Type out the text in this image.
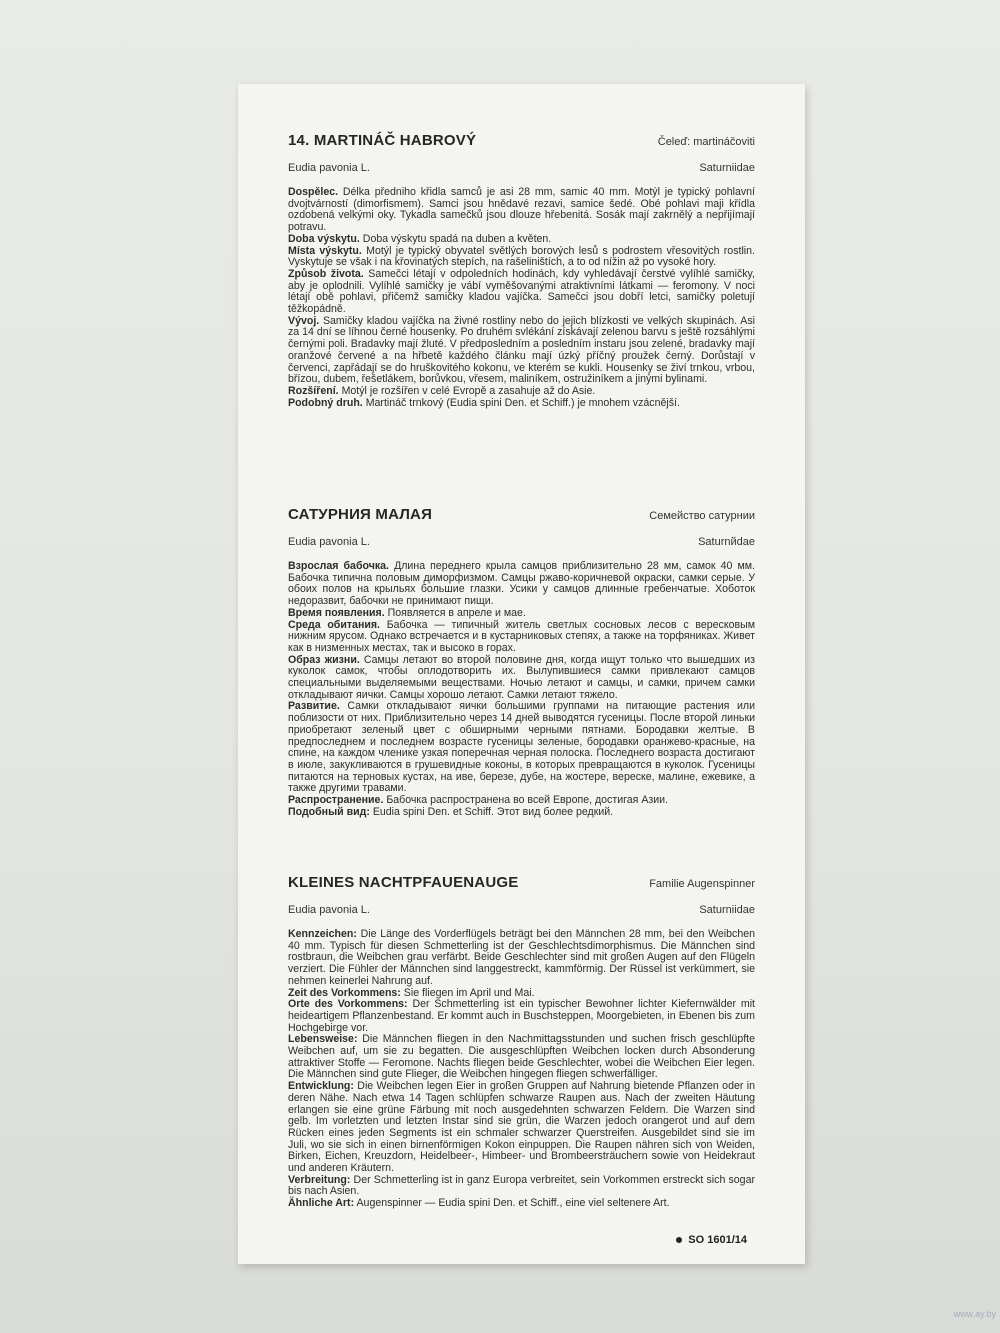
14. MARTINÁČ HABROVÝ	Čeleď: martináčoviti
Eudia pavonia L.	Saturniidae

Dospělec. Délka předniho křidla samců je asi 28 mm, samic 40 mm. Motýl je typický pohlavní dvojtvárností (dimorfismem). Samci jsou hnědavé rezavi, samice šedé. Obé pohlavi maji křídla ozdobená velkými oky. Tykadla samečků jsou dlouze hřebenitá. Sosák mají zakrnělý a nepřijímají potravu.

Doba výskytu. Doba výskytu spadá na duben a květen.

Místa výskytu. Motýl je typický obyvatel světlých borových lesů s podrostem vřesovitých rostlin. Vyskytuje se však i na křovinatých stepích, na rašeliništích, a to od nížin až po vysoké hory.

Způsob života. Samečci létají v odpoledních hodinách, kdy vyhledávají čerstvé vylíhlé samičky, aby je oplodnili. Vylíhlé samičky je vábí vyměšovanými atraktivními látkami — feromony. V noci létají obě pohlavi, přičemž samičky kladou vajíčka. Samečci jsou dobří letci, samičky poletují těžkopádně.

Vývoj. Samičky kladou vajíčka na živné rostliny nebo do jejich blízkosti ve velkých skupinách. Asi za 14 dní se líhnou černé housenky. Po druhém svlékání získávají zelenou barvu s ještě rozsáhlými černými poli. Bradavky mají žluté. V předposledním a posledním instaru jsou zelené, bradavky mají oranžové červené a na hřbetě každého článku mají úzký příčný proužek černý. Dorůstají v červenci, zapřádají se do hruškovitého kokonu, ve kterém se kukli. Housenky se živí trnkou, vrbou, břízou, dubem, řešetlákem, borůvkou, vřesem, maliníkem, ostružiníkem a jinými bylinami.

Rozšíření. Motýl je rozšířen v celé Evropě a zasahuje až do Asie.

Podobný druh. Martináč trnkový (Eudia spini Den. et Schiff.) je mnohem vzácnější.

САТУРНИЯ МАЛАЯ	Семейство сатурнии
Eudia pavonia L.	Saturnйdae

Взрослая бабочка. Длина переднего крыла самцов приблизительно 28 мм, самок 40 мм. Бабочка типична половым диморфизмом. Самцы ржаво-коричневой окраски, самки серые. У обоих полов на крыльях большие глазки. Усики у самцов длинные гребенчатые. Хоботок недоразвит, бабочки не принимают пищи.

Время появления. Появляется в апреле и мае.

Среда обитания. Бабочка — типичный житель светлых сосновых лесов с вересковым нижним ярусом. Однако встречается и в кустарниковых степях, а также на торфяниках. Живет как в низменных местах, так и высоко в горах.

Образ жизни. Самцы летают во второй половине дня, когда ищут только что вышедших из куколок самок, чтобы оплодотворить их. Вылупившиеся самки привлекают самцов специальными выделяемыми веществами. Ночью летают и самцы, и самки, причем самки откладывают яички. Самцы хорошо летают. Самки летают тяжело.

Развитие. Самки откладывают яички большими группами на питающие растения или поблизости от них. Приблизительно через 14 дней выводятся гусеницы. После второй линьки приобретают зеленый цвет с обширными черными пятнами. Бородавки желтые. В предпоследнем и последнем возрасте гусеницы зеленые, бородавки оранжево-красные, на спине, на каждом членике узкая поперечная черная полоска. Последнего возраста достигают в июле, закукливаются в грушевидные коконы, в которых превращаются в куколок. Гусеницы питаются на терновых кустах, на иве, березе, дубе, на жостере, вереске, малине, ежевике, а также другими травами.

Распространение. Бабочка распространена во всей Европе, достигая Азии.

Подобный вид: Eudia spini Den. et Schiff. Этот вид более редкий.

KLEINES NACHTPFAUENAUGE	Familie Augenspinner
Eudia pavonia L.	Saturniidae

Kennzeichen: Die Länge des Vorderflügels beträgt bei den Männchen 28 mm, bei den Weibchen 40 mm. Typisch für diesen Schmetterling ist der Geschlechtsdimorphismus. Die Männchen sind rostbraun, die Weibchen grau verfärbt. Beide Geschlechter sind mit großen Augen auf den Flügeln verziert. Die Fühler der Männchen sind langgestreckt, kammförmig. Der Rüssel ist verkümmert, sie nehmen keinerlei Nahrung auf.

Zeit des Vorkommens: Sie fliegen im April und Mai.

Orte des Vorkommens: Der Schmetterling ist ein typischer Bewohner lichter Kiefernwälder mit heideartigem Pflanzenbestand. Er kommt auch in Buschsteppen, Moorgebieten, in Ebenen bis zum Hochgebirge vor.

Lebensweise: Die Männchen fliegen in den Nachmittagsstunden und suchen frisch geschlüpfte Weibchen auf, um sie zu begatten. Die ausgeschlüpften Weibchen locken durch Absonderung attraktiver Stoffe — Feromone. Nachts fliegen beide Geschlechter, wobei die Weibchen Eier legen. Die Männchen sind gute Flieger, die Weibchen hingegen fliegen schwerfälliger.

Entwicklung: Die Weibchen legen Eier in großen Gruppen auf Nahrung bietende Pflanzen oder in deren Nähe. Nach etwa 14 Tagen schlüpfen schwarze Raupen aus. Nach der zweiten Häutung erlangen sie eine grüne Färbung mit noch ausgedehnten schwarzen Feldern. Die Warzen sind gelb. Im vorletzten und letzten Instar sind sie grün, die Warzen jedoch orangerot und auf dem Rücken eines jeden Segments ist ein schmaler schwarzer Querstreifen. Ausgebildet sind sie im Juli, wo sie sich in einen birnenförmigen Kokon einpuppen. Die Raupen nähren sich von Weiden, Birken, Eichen, Kreuzdorn, Heidelbeer-, Himbeer- und Brombeersträuchern sowie von Heidekraut und anderen Kräutern.

Verbreitung: Der Schmetterling ist in ganz Europa verbreitet, sein Vorkommen erstreckt sich sogar bis nach Asien.

Ähnliche Art: Augenspinner — Eudia spini Den. et Schiff., eine viel seltenere Art.

SO 1601/14
www.ay.by
